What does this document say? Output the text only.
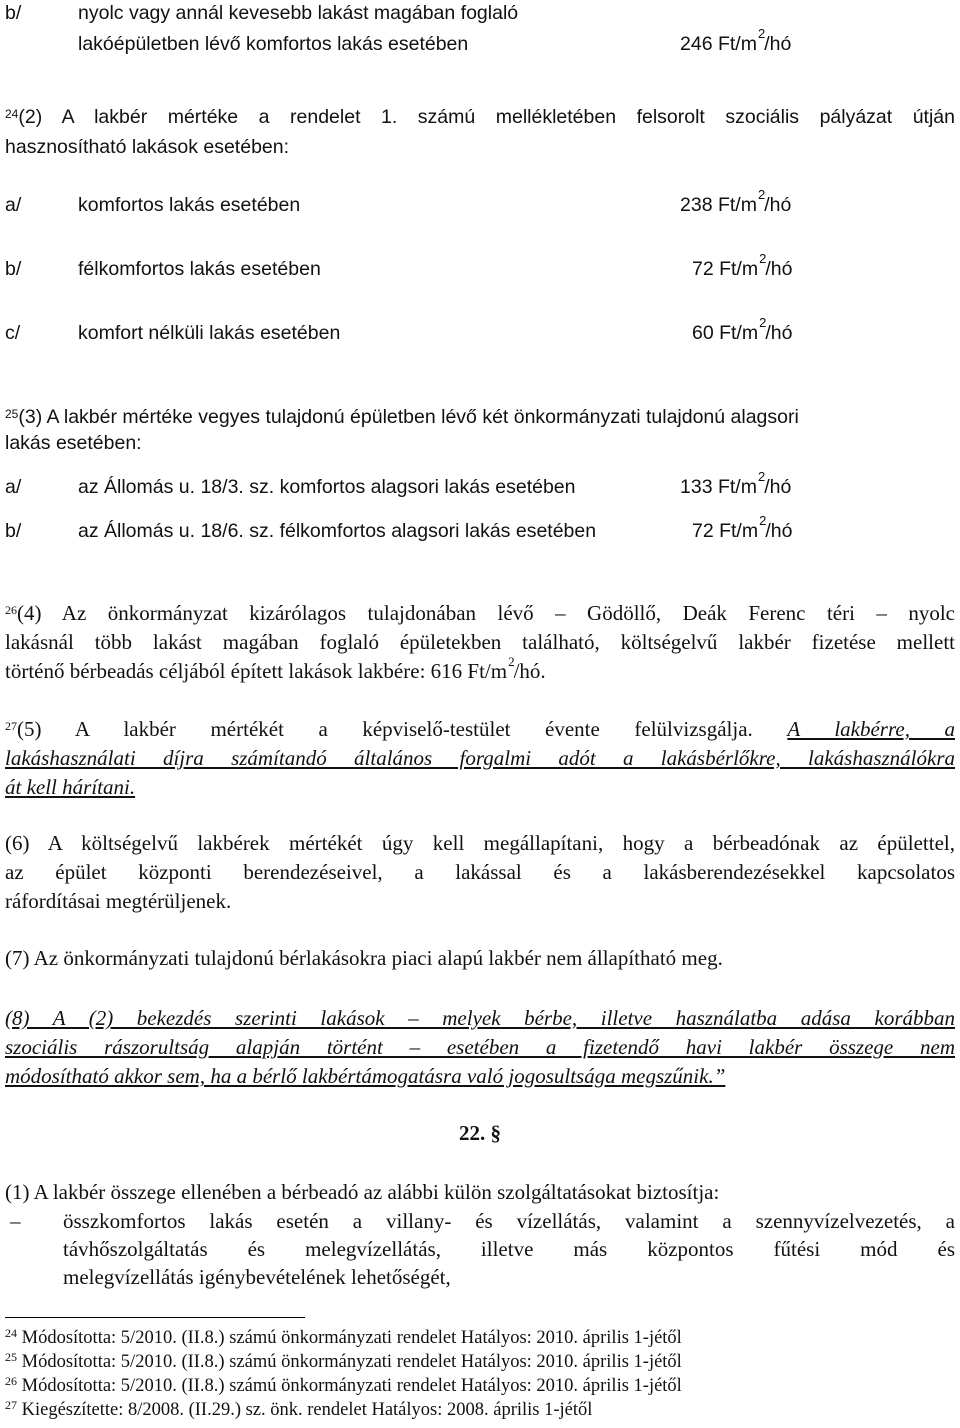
b/	nyolc vagy annál kevesebb lakást magában foglaló
lakóépületben lévő komfortos lakás esetében	246 $Ft/m^2/hó$
$^{24}$(2) A lakbér mértéke a rendelet 1. számú mellékletében felsorolt szociális pályázat útján
hasznosítható lakások esetében:
a/	komfortos lakás esetében	238 $Ft/m^2/hó$
b/	félkomfortos lakás esetében	72 $Ft/m^2/hó$
c/	komfort nélküli lakás esetében	60 $Ft/m^2/hó$
$^{25}$(3) A lakbér mértéke vegyes tulajdonú épületben lévő két önkormányzati tulajdonú alagsori
lakás esetében:
a/	az Állomás u. 18/3. sz. komfortos alagsori lakás esetében	133 $Ft/m^2/hó$
b/	az Állomás u. 18/6. sz. félkomfortos alagsori lakás esetében	72 $Ft/m^2/hó$
$^{26}$(4) Az önkormányzat kizárólagos tulajdonában lévő – Gödöllő, Deák Ferenc téri – nyolc
lakásnál több lakást magában foglaló épületekben található, költségelvű lakbér fizetése mellett
történő bérbeadás céljából épített lakások lakbére: 616 $Ft/m^2/hó$.
$^{27}$(5) A lakbér mértékét a képviselő-testület évente felülvizsgálja. A lakbérre, a
lakáshasználati díjra számítandó általános forgalmi adót a lakásbérlőkre, lakáshasználókra
át kell hárítani.
(6) A költségelvű lakbérek mértékét úgy kell megállapítani, hogy a bérbeadónak az épülettel,
az épület központi berendezéseivel, a lakással és a lakásberendezésekkel kapcsolatos
ráfordításai megtérüljenek.
(7) Az önkormányzati tulajdonú bérlakásokra piaci alapú lakbér nem állapítható meg.
(8) A (2) bekezdés szerinti lakások – melyek bérbe, illetve használatba adása korábban
szociális rászorultság alapján történt – esetében a fizetendő havi lakbér összege nem
módosítható akkor sem, ha a bérlő lakbértámogatásra való jogosultsága megszűnik.”
22. §
(1) A lakbér összege ellenében a bérbeadó az alábbi külön szolgáltatásokat biztosítja:
– összkomfortos lakás esetén a villany- és vízellátás, valamint a szennyvízelvezetés, a
távhőszolgáltatás és melegvízellátás, illetve más központos fűtési mód és
melegvízellátás igénybevételének lehetőségét,
$^{24}$ Módosította: 5/2010. (II.8.) számú önkormányzati rendelet Hatályos: 2010. április 1-jétől
$^{25}$ Módosította: 5/2010. (II.8.) számú önkormányzati rendelet Hatályos: 2010. április 1-jétől
$^{26}$ Módosította: 5/2010. (II.8.) számú önkormányzati rendelet Hatályos: 2010. április 1-jétől
$^{27}$ Kiegészítette: 8/2008. (II.29.) sz. önk. rendelet Hatályos: 2008. április 1-jétől
